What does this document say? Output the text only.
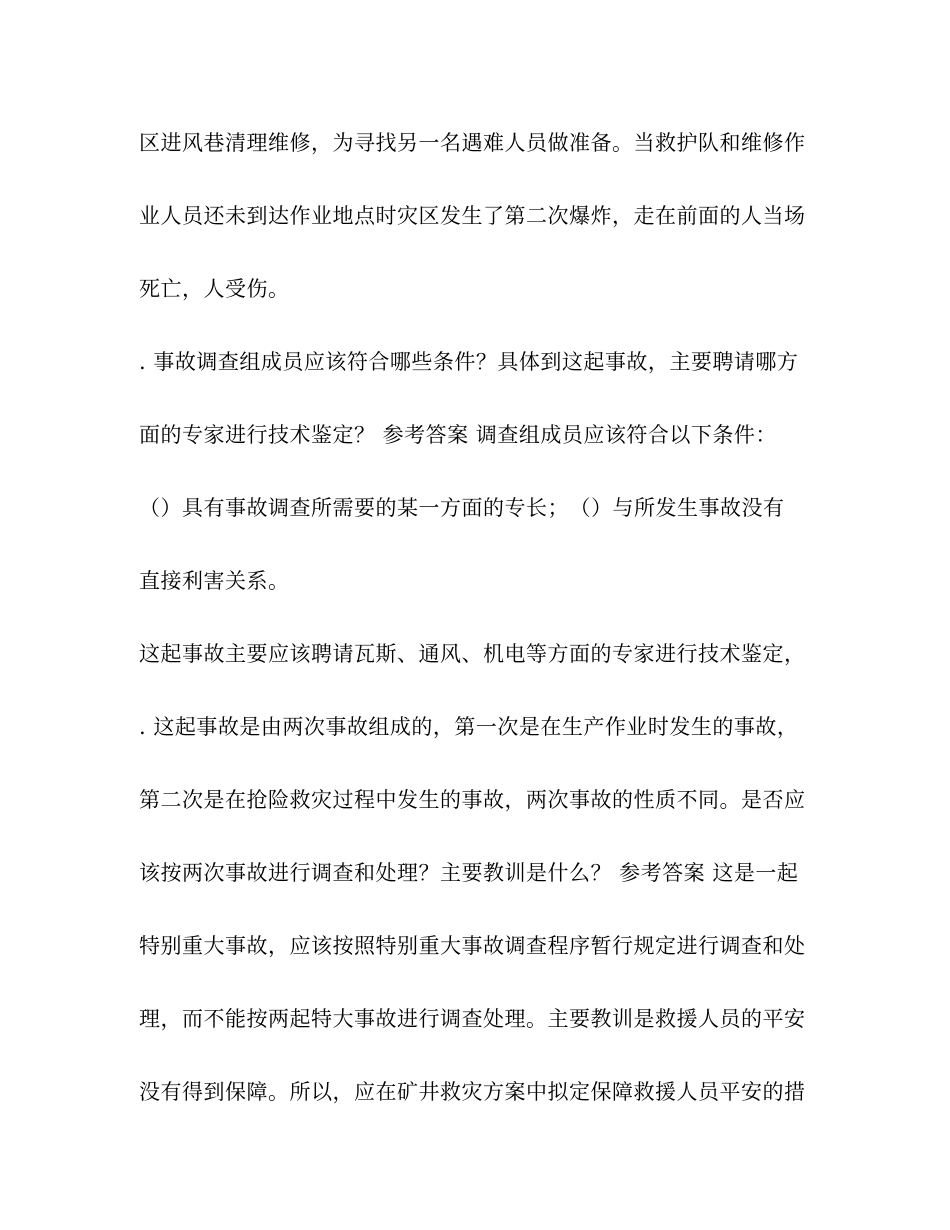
区进风巷清理维修，为寻找另一名遇难人员做准备。当救护队和维修作
业人员还未到达作业地点时灾区发生了第二次爆炸，走在前面的人当场
死亡，人受伤。
. 事故调查组成员应该符合哪些条件？具体到这起事故，主要聘请哪方
面的专家进行技术鉴定？ 参考答案 调查组成员应该符合以下条件：
（）具有事故调查所需要的某一方面的专长；　（）与所发生事故没有
直接利害关系。
这起事故主要应该聘请瓦斯、通风、机电等方面的专家进行技术鉴定，
. 这起事故是由两次事故组成的，第一次是在生产作业时发生的事故，
第二次是在抢险救灾过程中发生的事故，两次事故的性质不同。是否应
该按两次事故进行调查和处理？主要教训是什么？ 参考答案 这是一起
特别重大事故，应该按照特别重大事故调查程序暂行规定进行调查和处
理，而不能按两起特大事故进行调查处理。主要教训是救援人员的平安
没有得到保障。所以，应在矿井救灾方案中拟定保障救援人员平安的措
